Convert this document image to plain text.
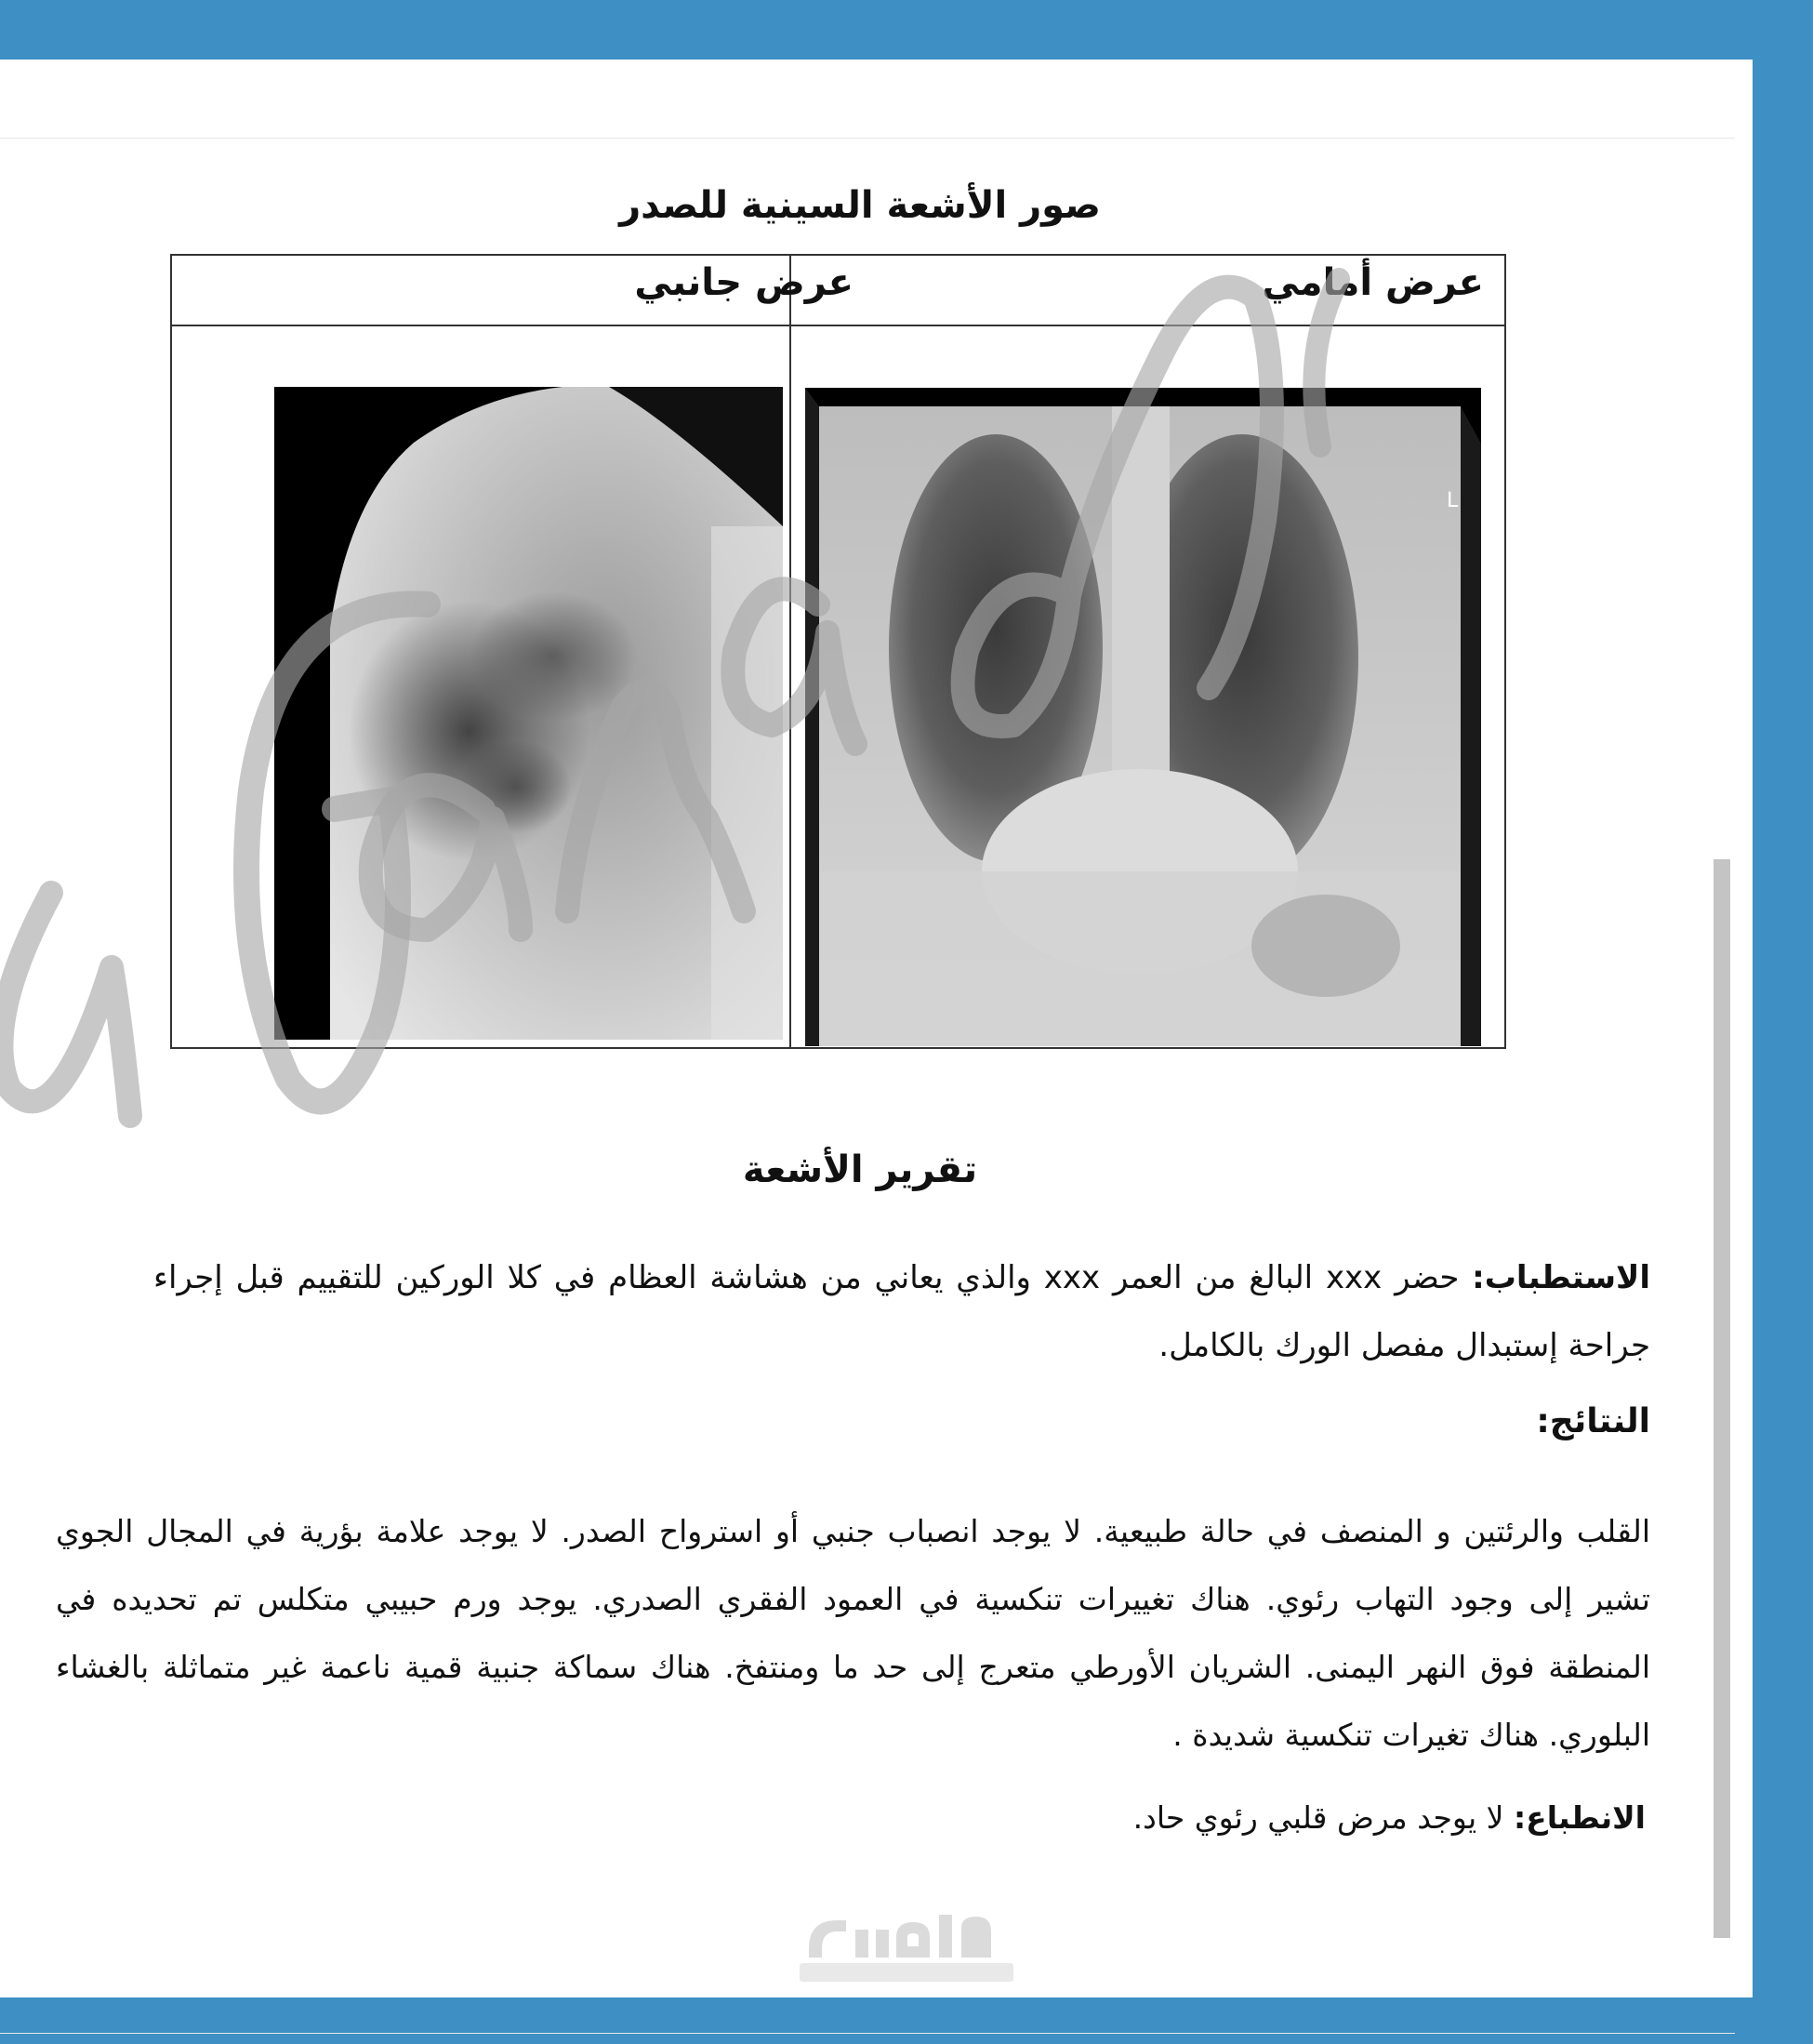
صور الأشعة السينية للصدر
عرض أمامي
عرض جانبي
L
تقرير الأشعة
الاستطباب: حضر xxx البالغ من العمر xxx والذي يعاني من هشاشة العظام في كلا الوركين للتقييم قبل إجراء جراحة إستبدال مفصل الورك بالكامل.
النتائج:
القلب والرئتين و المنصف في حالة طبيعية. لا يوجد انصباب جنبي أو استرواح الصدر. لا يوجد علامة بؤرية في المجال الجوي تشير إلى وجود التهاب رئوي. هناك تغييرات تنكسية في العمود الفقري الصدري. يوجد ورم حبيبي متكلس تم تحديده في المنطقة فوق النهر اليمنى. الشريان الأورطي متعرج إلى حد ما ومنتفخ. هناك سماكة جنبية قمية ناعمة غير متماثلة بالغشاء البلوري. هناك تغيرات تنكسية شديدة .
الانطباع: لا يوجد مرض قلبي رئوي حاد.
